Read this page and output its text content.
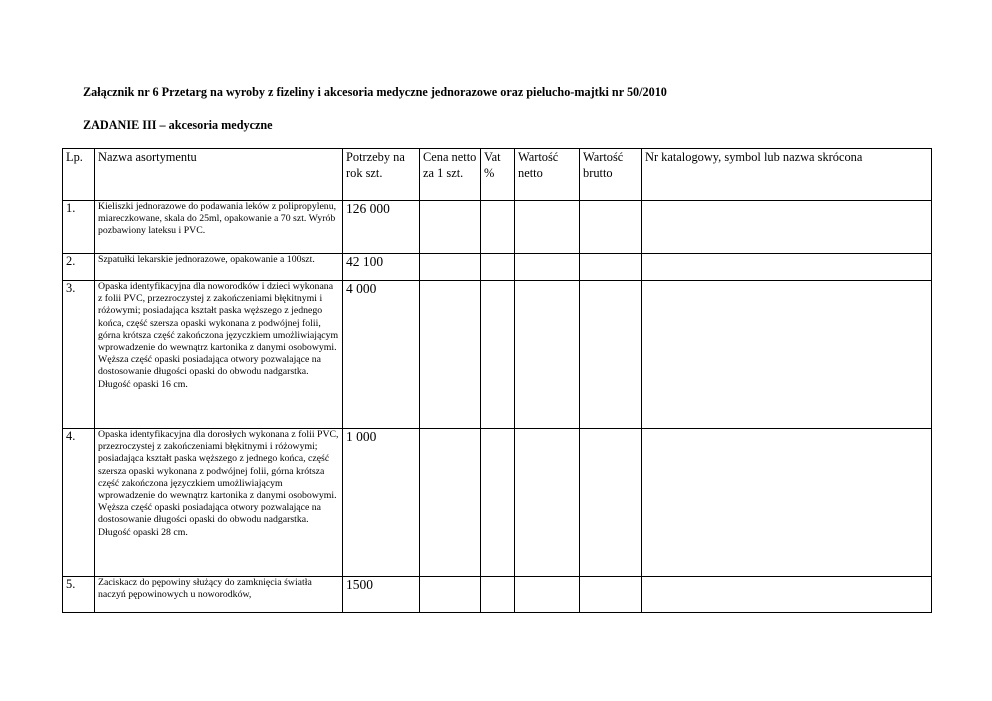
Załącznik nr 6 Przetarg na wyroby z fizeliny i akcesoria medyczne jednorazowe oraz pielucho-majtki nr 50/2010
ZADANIE III – akcesoria medyczne
Lp.	Nazwa asortymentu	Potrzeby na rok szt.	Cena netto za 1 szt.	Vat %	Wartość netto	Wartość brutto	Nr katalogowy, symbol lub nazwa skrócona
1.	Kieliszki jednorazowe do podawania leków z polipropylenu, miareczkowane, skala do 25ml, opakowanie a 70 szt. Wyrób pozbawiony lateksu i PVC.	126 000					
2.	Szpatułki lekarskie jednorazowe, opakowanie a 100szt.	42 100					
3.	Opaska identyfikacyjna dla noworodków i dzieci wykonana z folii PVC, przezroczystej z zakończeniami błękitnymi i różowymi; posiadająca kształt paska węższego z jednego końca, część szersza opaski wykonana z podwójnej folii, górna krótsza część zakończona języczkiem umożliwiającym wprowadzenie do wewnątrz kartonika z danymi osobowymi. Węższa część opaski posiadająca otwory pozwalające na dostosowanie długości opaski do obwodu nadgarstka. Długość opaski 16 cm.	4 000					
4.	Opaska identyfikacyjna dla dorosłych wykonana z folii PVC, przezroczystej z zakończeniami błękitnymi i różowymi; posiadająca kształt paska węższego z jednego końca, część szersza opaski wykonana z podwójnej folii, górna krótsza część zakończona języczkiem umożliwiającym wprowadzenie do wewnątrz kartonika z danymi osobowymi. Węższa część opaski posiadająca otwory pozwalające na dostosowanie długości opaski do obwodu nadgarstka. Długość opaski 28 cm.	1 000					
5.	Zaciskacz do pępowiny służący do zamknięcia światła naczyń pępowinowych u noworodków,	1500					
